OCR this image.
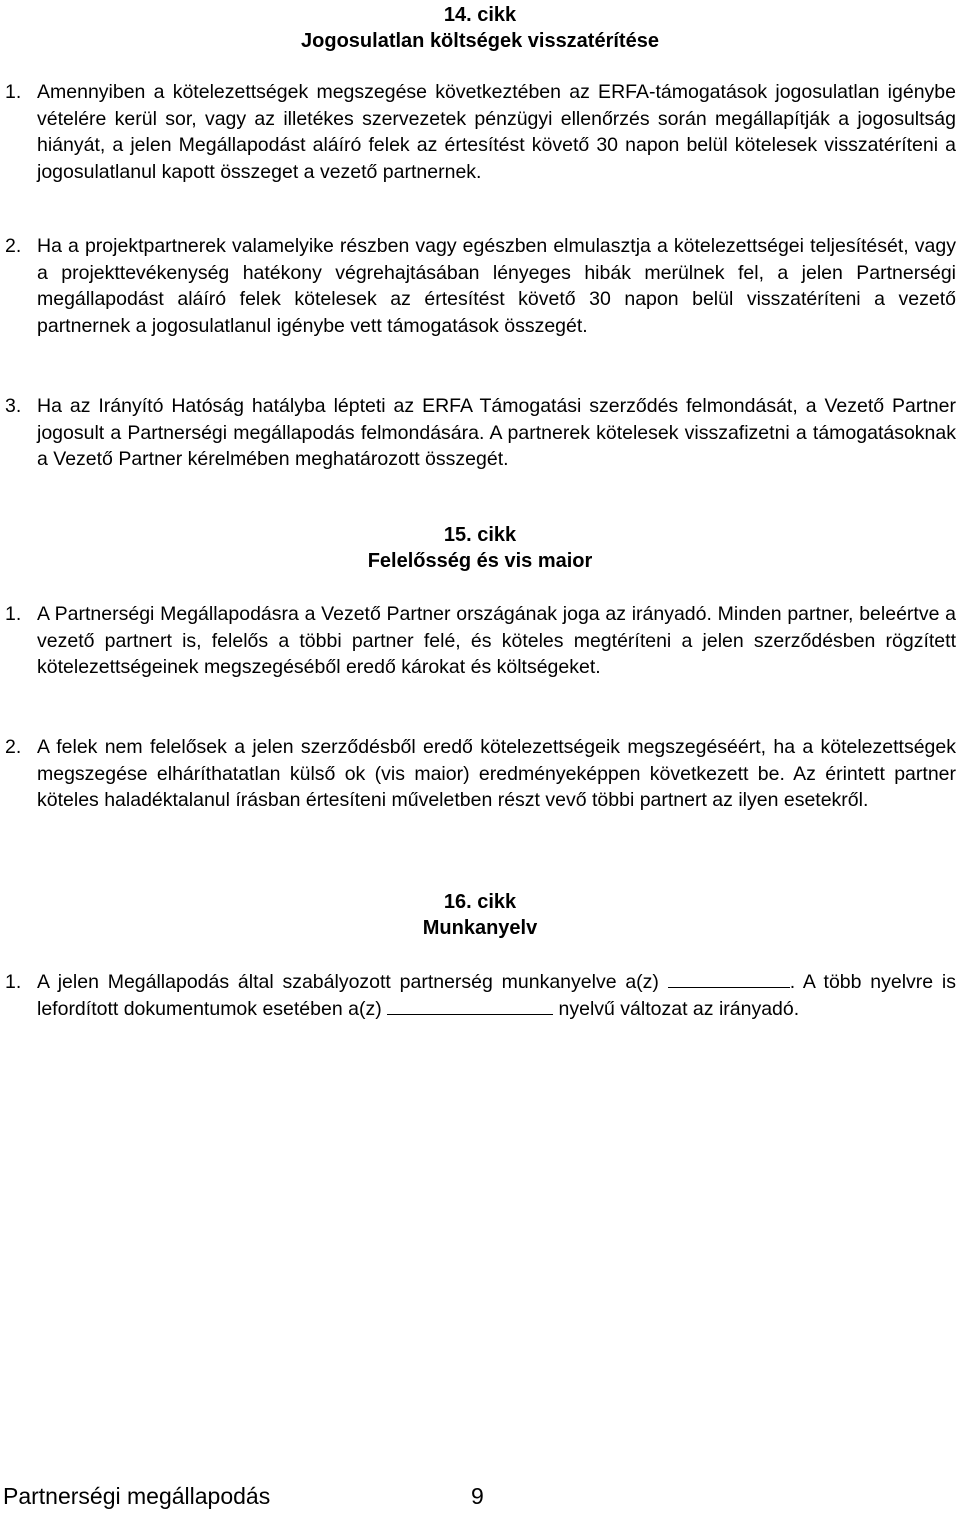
14. cikk
Jogosulatlan költségek visszatérítése
1. Amennyiben a kötelezettségek megszegése következtében az ERFA-támogatások jogosulatlan igénybe vételére kerül sor, vagy az illetékes szervezetek pénzügyi ellenőrzés során megállapítják a jogosultság hiányát, a jelen Megállapodást aláíró felek az értesítést követő 30 napon belül kötelesek visszatéríteni a jogosulatlanul kapott összeget a vezető partnernek.
2. Ha a projektpartnerek valamelyike részben vagy egészben elmulasztja a kötelezettségei teljesítését, vagy a projekttevékenység hatékony végrehajtásában lényeges hibák merülnek fel, a jelen Partnerségi megállapodást aláíró felek kötelesek az értesítést követő 30 napon belül visszatéríteni a vezető partnernek a jogosulatlanul igénybe vett támogatások összegét.
3. Ha az Irányító Hatóság hatályba lépteti az ERFA Támogatási szerződés felmondását, a Vezető Partner jogosult a Partnerségi megállapodás felmondására. A partnerek kötelesek visszafizetni a támogatásoknak a Vezető Partner kérelmében meghatározott összegét.
15. cikk
Felelősség és vis maior
1. A Partnerségi Megállapodásra a Vezető Partner országának joga az irányadó. Minden partner, beleértve a vezető partnert is, felelős a többi partner felé, és köteles megtéríteni a jelen szerződésben rögzített kötelezettségeinek megszegéséből eredő károkat és költségeket.
2. A felek nem felelősek a jelen szerződésből eredő kötelezettségeik megszegéséért, ha a kötelezettségek megszegése elháríthatatlan külső ok (vis maior) eredményeképpen következett be. Az érintett partner köteles haladéktalanul írásban értesíteni műveletben részt vevő többi partnert az ilyen esetekről.
16. cikk
Munkanyelv
1. A jelen Megállapodás által szabályozott partnerség munkanyelve a(z)	. A több nyelvre is lefordított dokumentumok esetében a(z)	nyelvű változat az irányadó.
Partnerségi megállapodás	9
